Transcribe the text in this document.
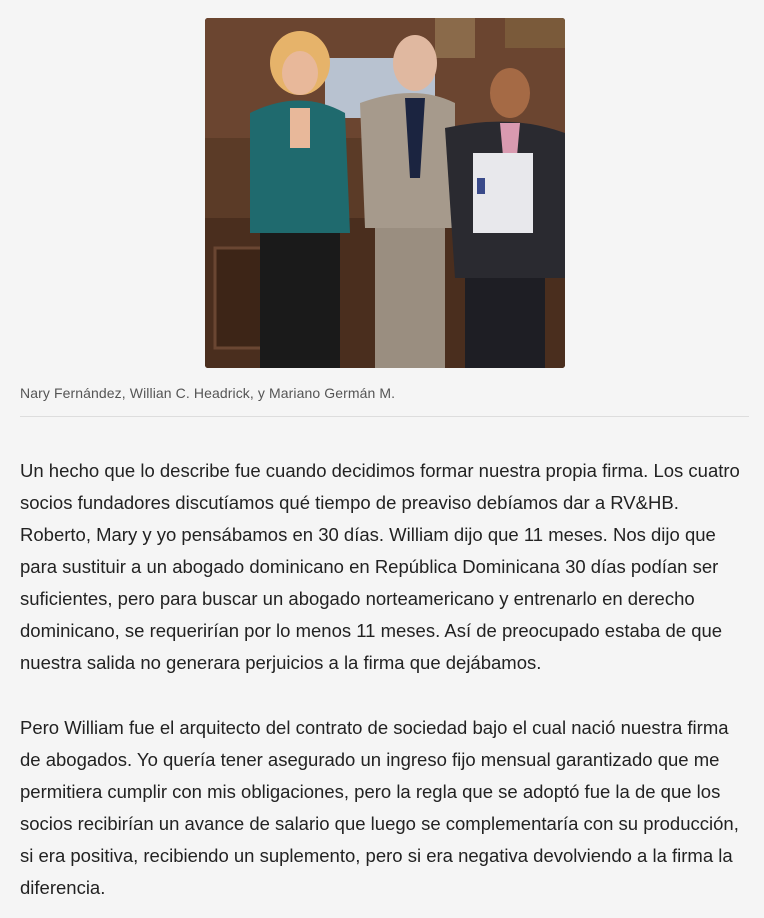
Nary Fernández, Willian C. Headrick, y Mariano Germán M.

Un hecho que lo describe fue cuando decidimos formar nuestra propia firma. Los cuatro socios fundadores discutíamos qué tiempo de preaviso debíamos dar a RV&HB. Roberto, Mary y yo pensábamos en 30 días. William dijo que 11 meses. Nos dijo que para sustituir a un abogado dominicano en República Dominicana 30 días podían ser suficientes, pero para buscar un abogado norteamericano y entrenarlo en derecho dominicano, se requerirían por lo menos 11 meses. Así de preocupado estaba de que nuestra salida no generara perjuicios a la firma que dejábamos.

Pero William fue el arquitecto del contrato de sociedad bajo el cual nació nuestra firma de abogados. Yo quería tener asegurado un ingreso fijo mensual garantizado que me permitiera cumplir con mis obligaciones, pero la regla que se adoptó fue la de que los socios recibirían un avance de salario que luego se complementaría con su producción, si era positiva, recibiendo un suplemento, pero si era negativa devolviendo a la firma la diferencia.
